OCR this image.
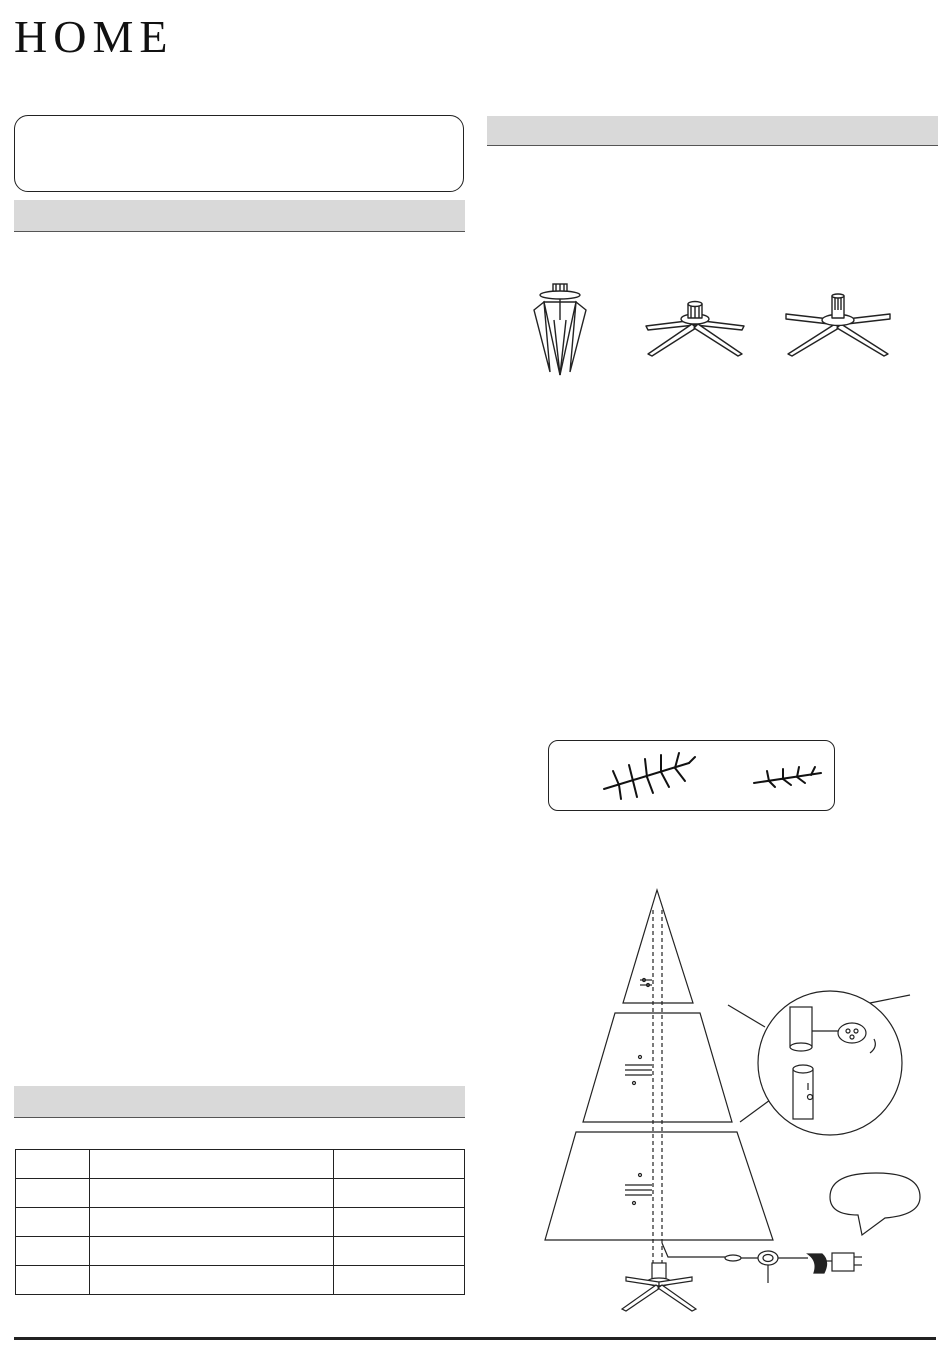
HOME
